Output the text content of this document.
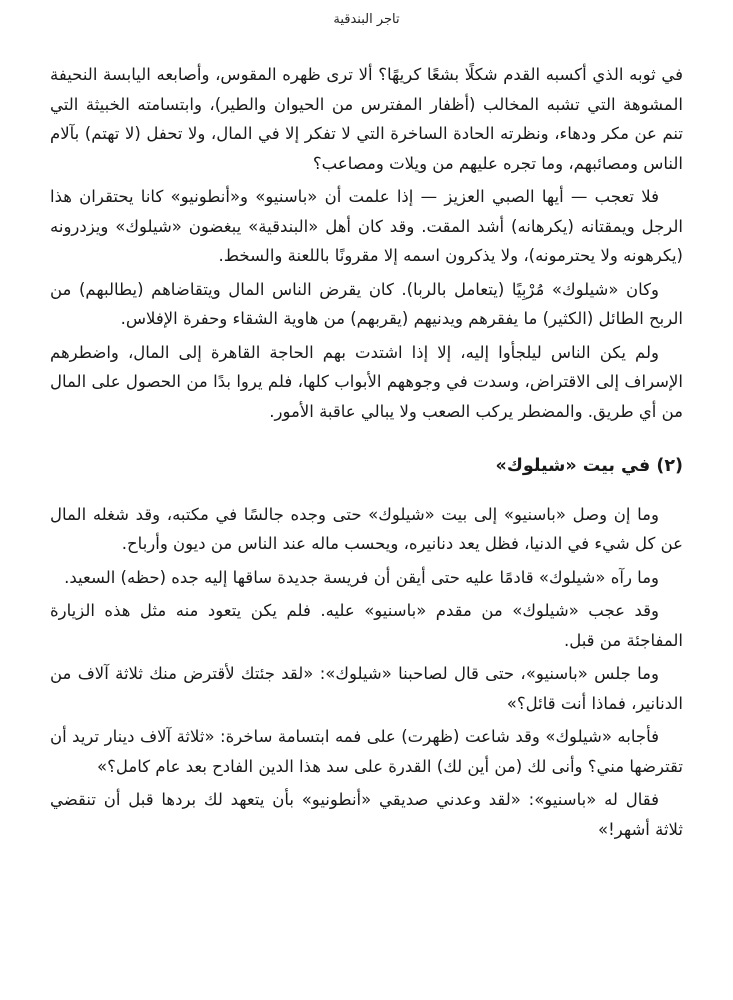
تاجر البندقية

في ثوبه الذي أكسبه القدم شكلًا بشعًا كريهًا؟ ألا ترى ظهره المقوس، وأصابعه اليابسة النحيفة المشوهة التي تشبه المخالب (أظفار المفترس من الحيوان والطير)، وابتسامته الخبيثة التي تنم عن مكر ودهاء، ونظرته الحادة الساخرة التي لا تفكر إلا في المال، ولا تحفل (لا تهتم) بآلام الناس ومصائبهم، وما تجره عليهم من ويلات ومصاعب؟

فلا تعجب — أيها الصبي العزيز — إذا علمت أن «باسنيو» و«أنطونيو» كانا يحتقران هذا الرجل ويمقتانه (يكرهانه) أشد المقت. وقد كان أهل «البندقية» يبغضون «شيلوك» ويزدرونه (يكرهونه ولا يحترمونه)، ولا يذكرون اسمه إلا مقرونًا باللعنة والسخط.

وكان «شيلوك» مُرْبِيًا (يتعامل بالربا). كان يقرض الناس المال ويتقاضاهم (يطالبهم) من الربح الطائل (الكثير) ما يفقرهم ويدنيهم (يقربهم) من هاوية الشقاء وحفرة الإفلاس.

ولم يكن الناس ليلجأوا إليه، إلا إذا اشتدت بهم الحاجة القاهرة إلى المال، واضطرهم الإسراف إلى الاقتراض، وسدت في وجوههم الأبواب كلها، فلم يروا بدًا من الحصول على المال من أي طريق. والمضطر يركب الصعب ولا يبالي عاقبة الأمور.

(٢) في بيت «شيلوك»

وما إن وصل «باسنيو» إلى بيت «شيلوك» حتى وجده جالسًا في مكتبه، وقد شغله المال عن كل شيء في الدنيا، فظل يعد دنانيره، ويحسب ماله عند الناس من ديون وأرباح.

وما رآه «شيلوك» قادمًا عليه حتى أيقن أن فريسة جديدة ساقها إليه جده (حظه) السعيد.

وقد عجب «شيلوك» من مقدم «باسنيو» عليه. فلم يكن يتعود منه مثل هذه الزيارة المفاجئة من قبل.

وما جلس «باسنيو»، حتى قال لصاحبنا «شيلوك»: «لقد جئتك لأقترض منك ثلاثة آلاف من الدنانير، فماذا أنت قائل؟»

فأجابه «شيلوك» وقد شاعت (ظهرت) على فمه ابتسامة ساخرة: «ثلاثة آلاف دينار تريد أن تقترضها مني؟ وأنى لك (من أين لك) القدرة على سد هذا الدين الفادح بعد عام كامل؟»

فقال له «باسنيو»: «لقد وعدني صديقي «أنطونيو» بأن يتعهد لك بردها قبل أن تنقضي ثلاثة أشهر!»
